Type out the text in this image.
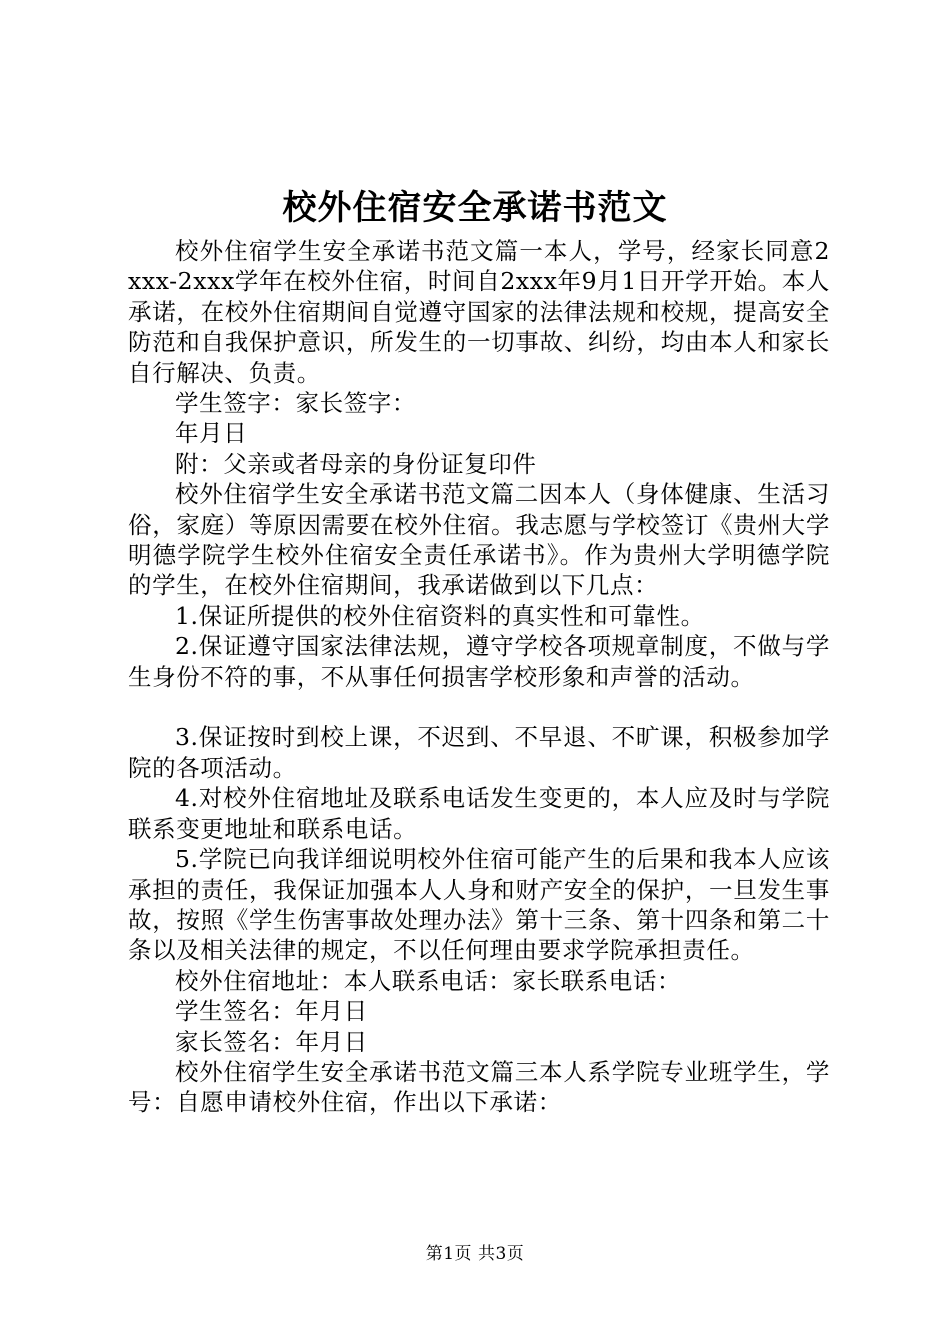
校外住宿安全承诺书范文

校外住宿学生安全承诺书范文篇一本人，学号，经家长同意2xxx-2xxx学年在校外住宿，时间自2xxx年9月1日开学开始。本人承诺，在校外住宿期间自觉遵守国家的法律法规和校规，提高安全防范和自我保护意识，所发生的一切事故、纠纷，均由本人和家长自行解决、负责。

学生签字：家长签字：

年月日

附：父亲或者母亲的身份证复印件

校外住宿学生安全承诺书范文篇二因本人（身体健康、生活习俗，家庭）等原因需要在校外住宿。我志愿与学校签订《贵州大学明德学院学生校外住宿安全责任承诺书》。作为贵州大学明德学院的学生，在校外住宿期间，我承诺做到以下几点：

1.保证所提供的校外住宿资料的真实性和可靠性。

2.保证遵守国家法律法规，遵守学校各项规章制度，不做与学生身份不符的事，不从事任何损害学校形象和声誉的活动。

3.保证按时到校上课，不迟到、不早退、不旷课，积极参加学院的各项活动。

4.对校外住宿地址及联系电话发生变更的，本人应及时与学院联系变更地址和联系电话。

5.学院已向我详细说明校外住宿可能产生的后果和我本人应该承担的责任，我保证加强本人人身和财产安全的保护，一旦发生事故，按照《学生伤害事故处理办法》第十三条、第十四条和第二十条以及相关法律的规定，不以任何理由要求学院承担责任。

校外住宿地址：本人联系电话：家长联系电话：

学生签名：年月日

家长签名：年月日

校外住宿学生安全承诺书范文篇三本人系学院专业班学生，学号：自愿申请校外住宿，作出以下承诺：

第1页 共3页
